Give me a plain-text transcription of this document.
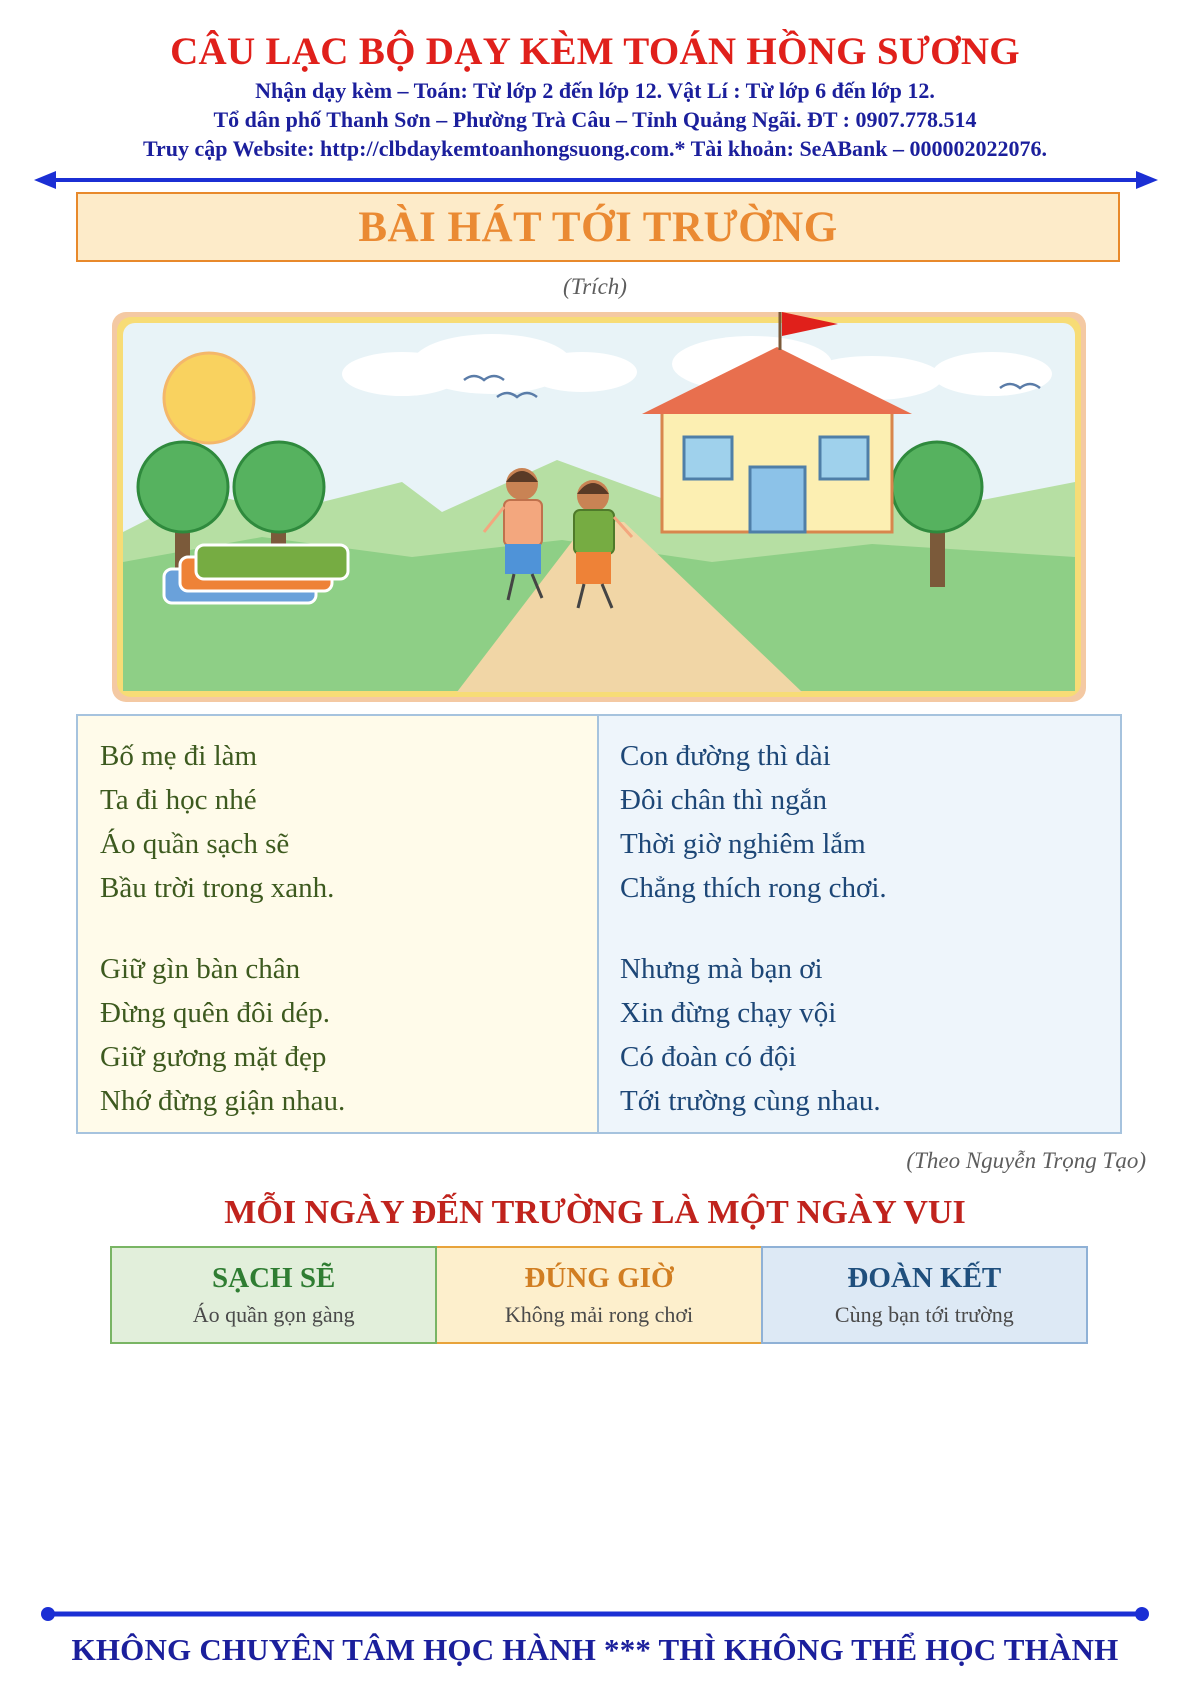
CÂU LẠC BỘ DẠY KÈM TOÁN HỒNG SƯƠNG
Nhận dạy kèm – Toán: Từ lớp 2 đến lớp 12. Vật Lí : Từ lớp 6 đến lớp 12.
Tổ dân phố Thanh Sơn – Phường Trà Câu – Tỉnh Quảng Ngãi. ĐT : 0907.778.514
Truy cập Website: http://clbdaykemtoanhongsuong.com.* Tài khoản: SeABank – 000002022076.
BÀI HÁT TỚI TRƯỜNG
(Trích)
Bố mẹ đi làm
Ta đi học nhé
Áo quần sạch sẽ
Bầu trời trong xanh.
Giữ gìn bàn chân
Đừng quên đôi dép.
Giữ gương mặt đẹp
Nhớ đừng giận nhau.
Con đường thì dài
Đôi chân thì ngắn
Thời giờ nghiêm lắm
Chẳng thích rong chơi.
Nhưng mà bạn ơi
Xin đừng chạy vội
Có đoàn có đội
Tới trường cùng nhau.
(Theo Nguyễn Trọng Tạo)
MỖI NGÀY ĐẾN TRƯỜNG LÀ MỘT NGÀY VUI
SẠCH SẼ
Áo quần gọn gàng
ĐÚNG GIỜ
Không mải rong chơi
ĐOÀN KẾT
Cùng bạn tới trường
KHÔNG CHUYÊN TÂM HỌC HÀNH *** THÌ KHÔNG THỂ HỌC THÀNH
